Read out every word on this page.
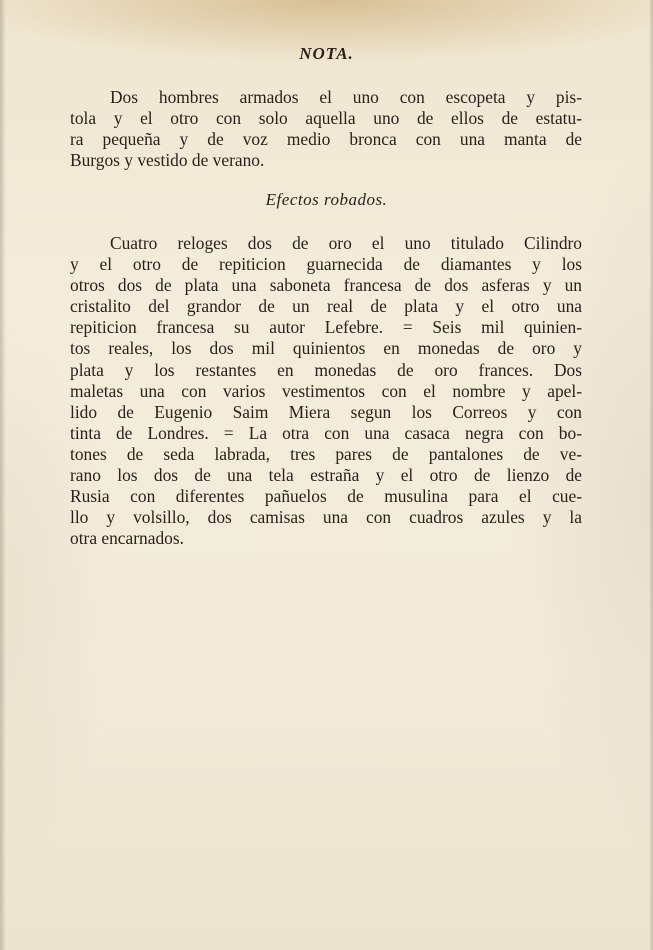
NOTA.
Dos hombres armados el uno con escopeta y pis-
tola y el otro con solo aquella uno de ellos de estatu-
ra pequeña y de voz medio bronca con una manta de
Burgos y vestido de verano.
Efectos robados.
Cuatro reloges dos de oro el uno titulado Cilindro
y el otro de repiticion guarnecida de diamantes y los
otros dos de plata una saboneta francesa de dos asferas y un
cristalito del grandor de un real de plata y el otro una
repiticion francesa su autor Lefebre. = Seis mil quinien-
tos reales, los dos mil quinientos en monedas de oro y
plata y los restantes en monedas de oro frances. Dos
maletas una con varios vestimentos con el nombre y apel-
lido de Eugenio Saim Miera segun los Correos y con
tinta de Londres. = La otra con una casaca negra con bo-
tones de seda labrada, tres pares de pantalones de ve-
rano los dos de una tela estraña y el otro de lienzo de
Rusia con diferentes pañuelos de musulina para el cue-
llo y volsillo, dos camisas una con cuadros azules y la
otra encarnados.
